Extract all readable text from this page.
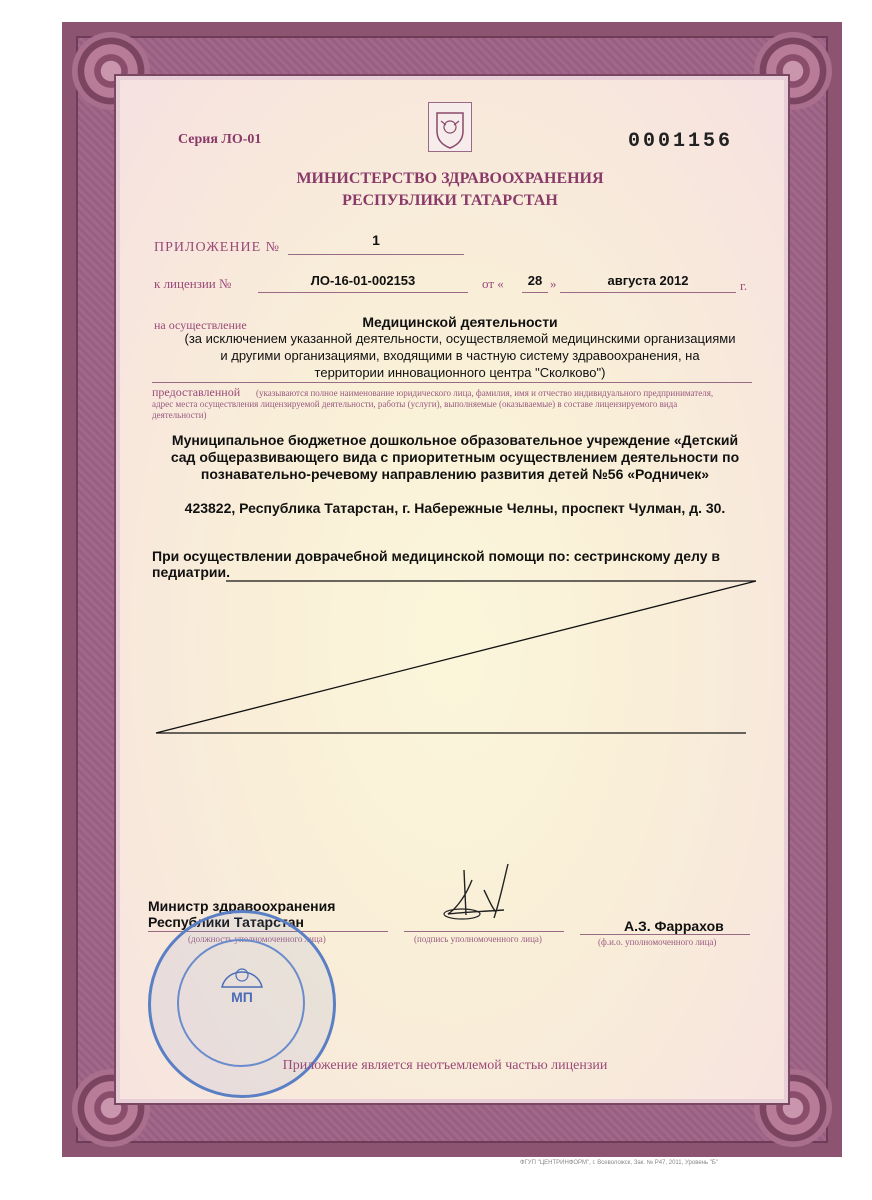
Серия ЛО-01	0001156
МИНИСТЕРСТВО ЗДРАВООХРАНЕНИЯ
РЕСПУБЛИКИ ТАТАРСТАН
ПРИЛОЖЕНИЕ №	1
к лицензии №	ЛО-16-01-002153	от «	28 »	августа 2012	г.
на осуществление	Медицинской деятельности
(за исключением указанной деятельности, осуществляемой медицинскими организациями
и другими организациями, входящими в частную систему здравоохранения, на
территории инновационного центра "Сколково")
предоставленной (указываются полное наименование юридического лица, фамилия, имя и отчество индивидуального предпринимателя,
адрес места осуществления лицензируемой деятельности, работы (услуги), выполняемые (оказываемые) в составе лицензируемого вида
деятельности)
Муниципальное бюджетное дошкольное образовательное учреждение «Детский
сад общеразвивающего вида с приоритетным осуществлением деятельности по
познавательно-речевому направлению развития детей №56 «Родничек»
423822, Республика Татарстан, г. Набережные Челны, проспект Чулман, д. 30.
При осуществлении доврачебной медицинской помощи по: сестринскому делу в
педиатрии.
Министр здравоохранения
Республики Татарстан
(должность уполномоченного лица)	(подпись уполномоченного лица)
А.З. Фаррахов
(ф.и.о. уполномоченного лица)
МП
Приложение является неотъемлемой частью лицензии
ФГУП "ЦЕНТРИНФОРМ", г. Всеволожск, Зак. № Р47, 2011, Уровень "Б"
